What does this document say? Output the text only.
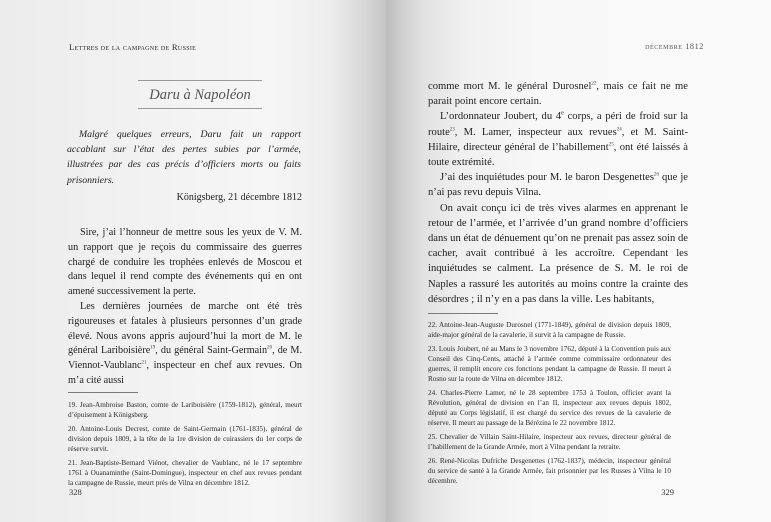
Lettres de la campagne de Russie
Daru à Napoléon
Malgré quelques erreurs, Daru fait un rapport accablant sur l’état des pertes subies par l’armée, illustrées par des cas précis d’officiers morts ou faits prisonniers.
Königsberg, 21 décembre 1812

Sire, j’ai l’honneur de mettre sous les yeux de V. M. un rapport que je reçois du commissaire des guerres chargé de conduire les trophées enlevés de Moscou et dans lequel il rend compte des événements qui en ont amené successivement la perte.

Les dernières journées de marche ont été très rigoureuses et fatales à plusieurs personnes d’un grade élevé. Nous avons appris aujourd’hui la mort de M. le général Lariboisière$^{19}$, du général Saint-Germain$^{20}$, de M. Viennot-Vaublanc$^{21}$, inspecteur en chef aux revues. On m’a cité aussi

19. Jean-Ambroise Baston, comte de Lariboisière (1759-1812), général, meurt d’épuisement à Königsberg.

20. Antoine-Louis Decrest, comte de Saint-Germain (1761-1835), général de division depuis 1809, à la tête de la 1re division de cuirassiers du 1er corps de réserve survit.

21. Jean-Baptiste-Bernard Viénot, chevalier de Vaublanc, né le 17 septembre 1761 à Ouanaminthe (Saint-Domingue), inspecteur en chef aux revues pendant la campagne de Russie, meurt près de Vilna en décembre 1812.

328
décembre 1812

comme mort M. le général Durosnel$^{22}$, mais ce fait ne me parait point encore certain.

L’ordonnateur Joubert, du 4e corps, a péri de froid sur la route$^{23}$, M. Lamer, inspecteur aux revues$^{24}$, et M. Saint-Hilaire, directeur général de l’habillement$^{25}$, ont été laissés à toute extrémité.

J’ai des inquiétudes pour M. le baron Desgenettes$^{26}$ que je n’ai pas revu depuis Vilna.

On avait conçu ici de très vives alarmes en apprenant le retour de l’armée, et l’arrivée d’un grand nombre d’officiers dans un état de dénuement qu’on ne prenait pas assez soin de cacher, avait contribué à les accroître. Cependant les inquiétudes se calment. La présence de S. M. le roi de Naples a rassuré les autorités au moins contre la crainte des désordres ; il n’y en a pas dans la ville. Les habitants,

22. Antoine-Jean-Auguste Durosnel (1771-1849), général de division depuis 1809, aide-major général de la cavalerie, il survit à la campagne de Russie.

23. Louis Joubert, né au Mans le 3 novembre 1762, député à la Convention puis aux Conseil des Cinq-Cents, attaché à l’armée comme commissaire ordonnateur des guerres, il remplit encore ces fonctions pendant la campagne de Russie. Il meurt à Rosno sur la route de Vilna en décembre 1812.

24. Charles-Pierre Lamer, né le 28 septembre 1753 à Toulon, officier avant la Révolution, général de division en l’an II, inspecteur aux revues depuis 1802, député au Corps législatif, il est chargé du service des revues de la cavalerie de réserve. Il meurt au passage de la Bérézina le 22 novembre 1812.

25. Chevalier de Villain Saint-Hilaire, inspecteur aux revues, directeur général de l’habillement de la Grande Armée, mort à Vilna pendant la retraite.

26. René-Nicolas Dufriche Desgenettes (1762-1837), médecin, inspecteur général du service de santé à la Grande Armée, fait prisonnier par les Russes à Vilna le 10 décembre.

329
